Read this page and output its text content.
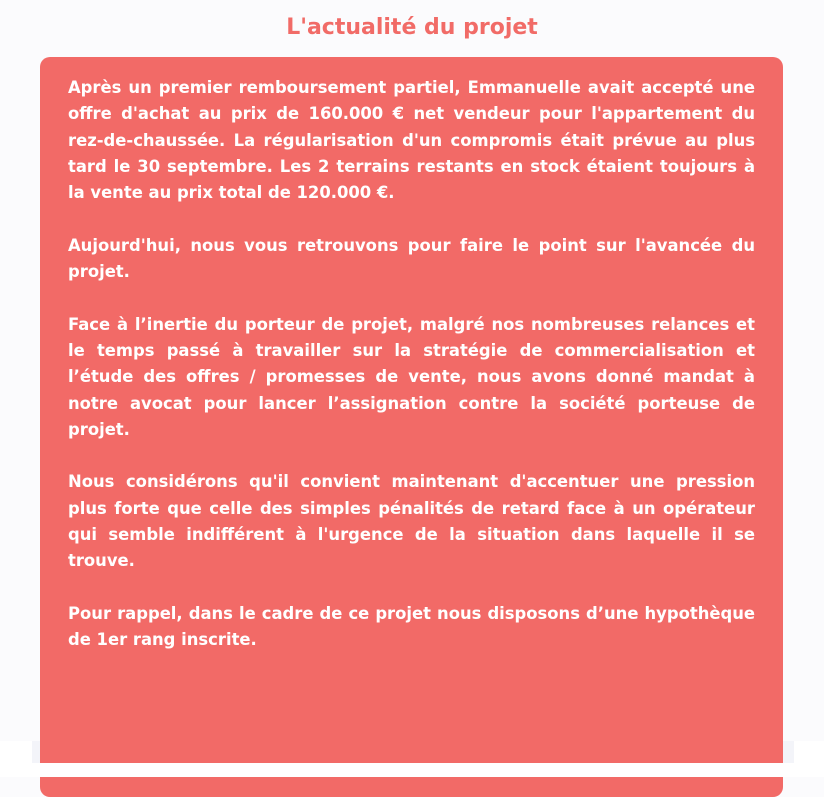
L'actualité du projet

Après un premier remboursement partiel, Emmanuelle avait accepté une offre d'achat au prix de 160.000 € net vendeur pour l'appartement du rez-de-chaussée. La régularisation d'un compromis était prévue au plus tard le 30 septembre. Les 2 terrains restants en stock étaient toujours à la vente au prix total de 120.000 €.

Aujourd'hui, nous vous retrouvons pour faire le point sur l'avancée du projet.

Face à l’inertie du porteur de projet, malgré nos nombreuses relances et le temps passé à travailler sur la stratégie de commercialisation et l’étude des offres / promesses de vente, nous avons donné mandat à notre avocat pour lancer l’assignation contre la société porteuse de projet.

Nous considérons qu'il convient maintenant d'accentuer une pression plus forte que celle des simples pénalités de retard face à un opérateur qui semble indifférent à l'urgence de la situation dans laquelle il se trouve.

Pour rappel, dans le cadre de ce projet nous disposons d’une hypothèque de 1er rang inscrite.
